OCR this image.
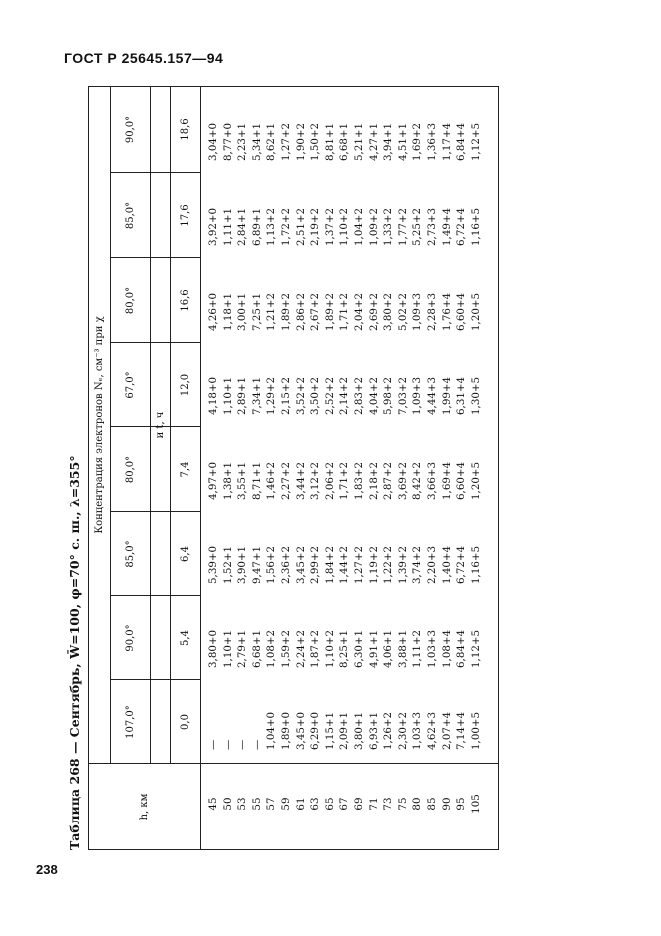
ГОСТ Р 25645.157—94
238
Таблица 268 — Сентябрь, W̄=100, φ=70° с. ш., λ=355°	h, км
Концентрация электронов Nₑ, см⁻³ при χ	и t, ч
107,0°
90,0°
85,0°
80,0°
67,0°
80,0°
85,0°
90,0°
0,0
5,4
6,4
7,4
12,0
16,6
17,6
18,6
45 50 53 55 57 59 61 63 65 67 69 71 73 75 80 85 90 95 105
— — — — 1,04+0 1,89+0 3,45+0 6,29+0 1,15+1 2,09+1 3,80+1 6,93+1 1,26+2 2,30+2 1,03+3 4,62+3 2,07+4 7,14+4 1,00+5
3,80+0 1,10+1 2,79+1 6,68+1 1,08+2 1,59+2 2,24+2 1,87+2 1,10+2 8,25+1 6,30+1 4,91+1 4,06+1 3,88+1 1,11+2 1,03+3 1,08+4 6,84+4 1,12+5
5,39+0 1,52+1 3,90+1 9,47+1 1,56+2 2,36+2 3,45+2 2,99+2 1,84+2 1,44+2 1,27+2 1,19+2 1,22+2 1,39+2 3,74+2 2,20+3 1,40+4 6,72+4 1,16+5
4,97+0 1,38+1 3,55+1 8,71+1 1,46+2 2,27+2 3,44+2 3,12+2 2,06+2 1,71+2 1,83+2 2,18+2 2,87+2 3,69+2 8,42+2 3,66+3 1,69+4 6,60+4 1,20+5
4,18+0 1,10+1 2,89+1 7,34+1 1,29+2 2,15+2 3,52+2 3,50+2 2,52+2 2,14+2 2,83+2 4,04+2 5,98+2 7,03+2 1,09+3 4,44+3 1,99+4 6,31+4 1,30+5
4,26+0 1,18+1 3,00+1 7,25+1 1,21+2 1,89+2 2,86+2 2,67+2 1,89+2 1,71+2 2,04+2 2,69+2 3,80+2 5,02+2 1,09+3 2,28+3 1,76+4 6,60+4 1,20+5
3,92+0 1,11+1 2,84+1 6,89+1 1,13+2 1,72+2 2,51+2 2,19+2 1,37+2 1,10+2 1,04+2 1,09+2 1,33+2 1,77+2 5,25+2 2,73+3 1,49+4 6,72+4 1,16+5
3,04+0 8,77+0 2,23+1 5,34+1 8,62+1 1,27+2 1,90+2 1,50+2 8,81+1 6,68+1 5,21+1 4,27+1 3,94+1 4,51+1 1,69+2 1,36+3 1,17+4 6,84+4 1,12+5
